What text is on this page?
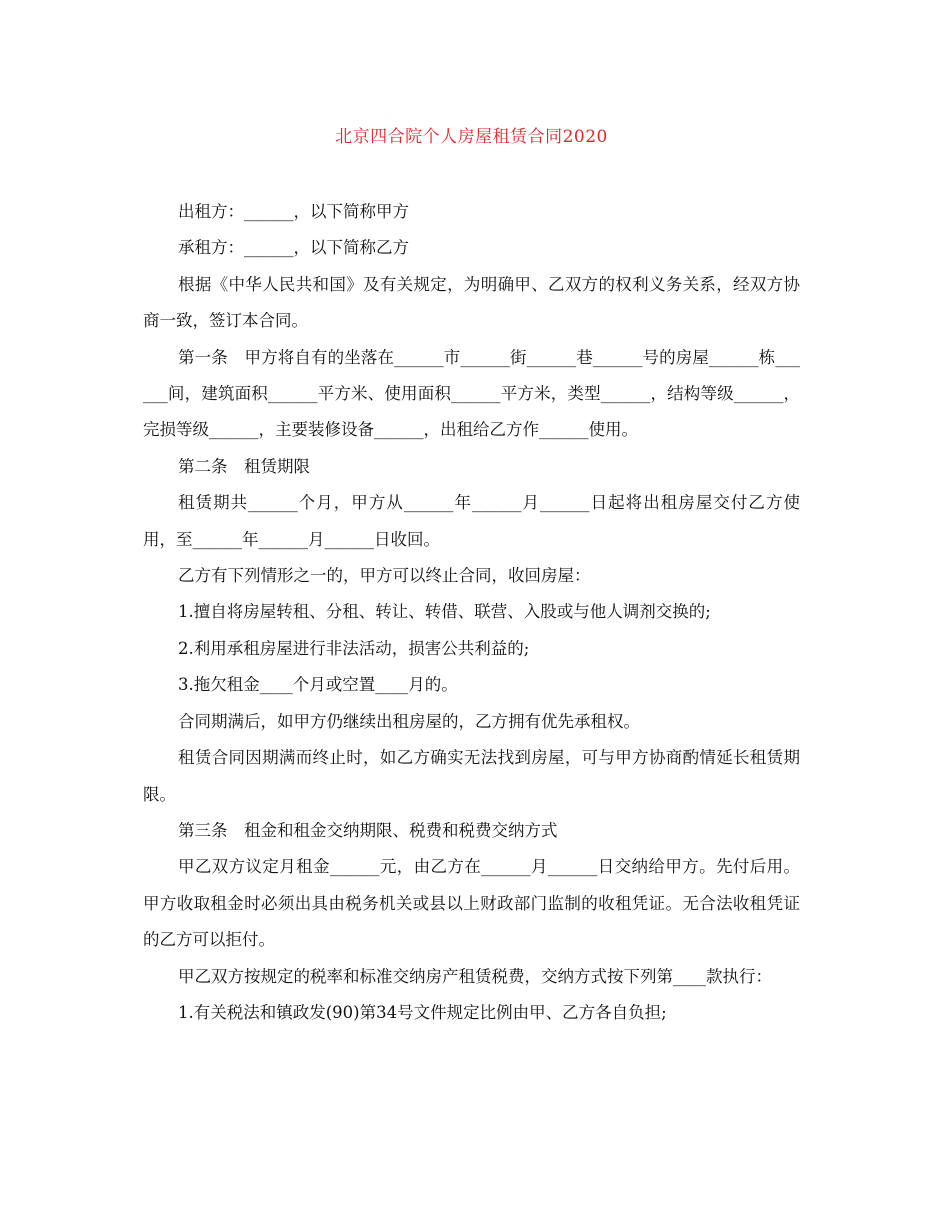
北京四合院个人房屋租赁合同2020

出租方：______，以下简称甲方

承租方：______，以下简称乙方

根据《中华人民共和国》及有关规定，为明确甲、乙双方的权利义务关系，经双方协商一致，签订本合同。

第一条　甲方将自有的坐落在______市______街______巷______号的房屋______栋______间，建筑面积______平方米、使用面积______平方米，类型______，结构等级______，完损等级______，主要装修设备______，出租给乙方作______使用。

第二条　租赁期限

租赁期共______个月，甲方从______年______月______日起将出租房屋交付乙方使用，至______年______月______日收回。

乙方有下列情形之一的，甲方可以终止合同，收回房屋：

1.擅自将房屋转租、分租、转让、转借、联营、入股或与他人调剂交换的;

2.利用承租房屋进行非法活动，损害公共利益的;

3.拖欠租金____个月或空置____月的。

合同期满后，如甲方仍继续出租房屋的，乙方拥有优先承租权。

租赁合同因期满而终止时，如乙方确实无法找到房屋，可与甲方协商酌情延长租赁期限。

第三条　租金和租金交纳期限、税费和税费交纳方式

甲乙双方议定月租金______元，由乙方在______月______日交纳给甲方。先付后用。甲方收取租金时必须出具由税务机关或县以上财政部门监制的收租凭证。无合法收租凭证的乙方可以拒付。

甲乙双方按规定的税率和标准交纳房产租赁税费，交纳方式按下列第____款执行：

1.有关税法和镇政发(90)第34号文件规定比例由甲、乙方各自负担;
